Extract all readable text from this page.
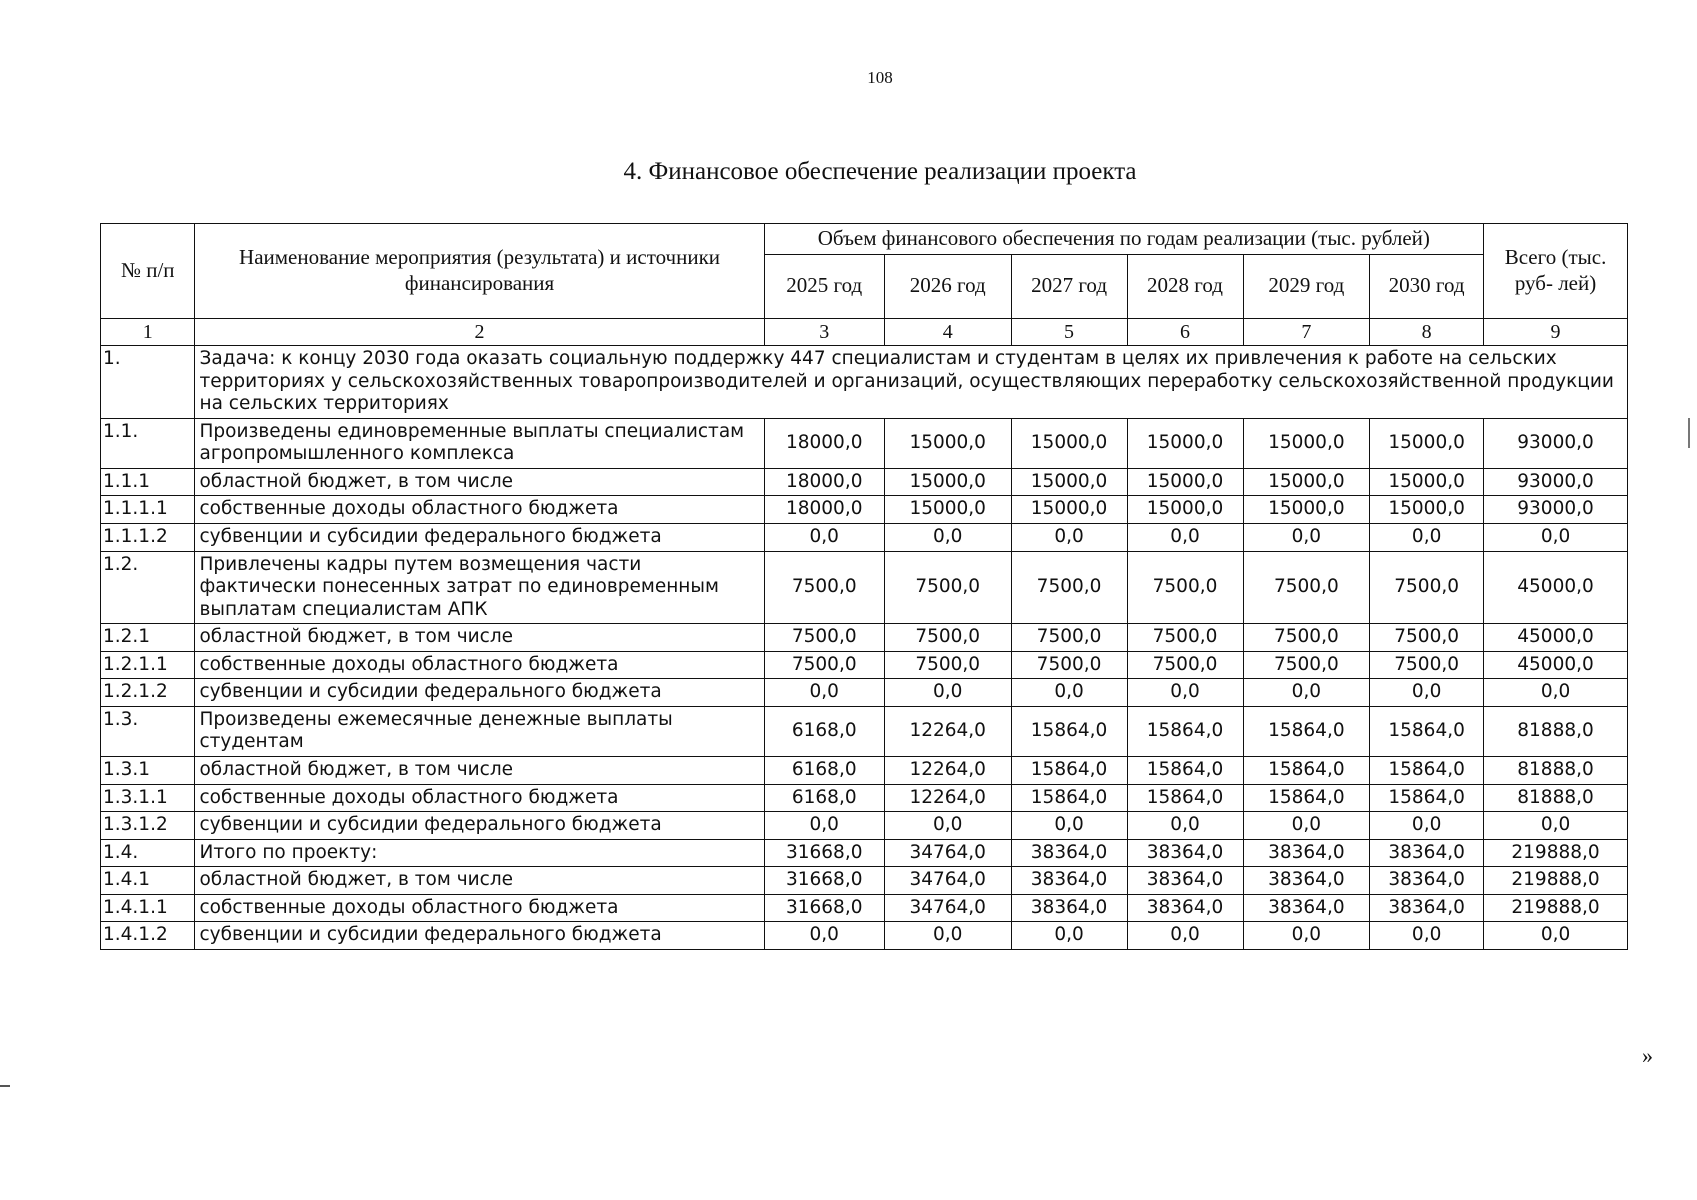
108
4. Финансовое обеспечение реализации проекта
№ п/п	Наименование мероприятия (результата) и источники финансирования	Объем финансового обеспечения по годам реализации (тыс. рублей)						Всего (тыс. руб- лей)
		2025 год	2026 год	2027 год	2028 год	2029 год	2030 год	
1	2	3	4	5	6	7	8	9
1.	Задача: к концу 2030 года оказать социальную поддержку 447 специалистам и студентам в целях их привлечения к работе на сельских территориях у сельскохозяйственных товаропроизводителей и организаций, осуществляющих переработку сельскохозяйственной продукции на сельских территориях							
1.1.	Произведены единовременные выплаты специалистам агропромышленного комплекса	18000,0	15000,0	15000,0	15000,0	15000,0	15000,0	93000,0
1.1.1	областной бюджет, в том числе	18000,0	15000,0	15000,0	15000,0	15000,0	15000,0	93000,0
1.1.1.1	собственные доходы областного бюджета	18000,0	15000,0	15000,0	15000,0	15000,0	15000,0	93000,0
1.1.1.2	субвенции и субсидии федерального бюджета	0,0	0,0	0,0	0,0	0,0	0,0	0,0
1.2.	Привлечены кадры путем возмещения части фактически понесенных затрат по единовременным выплатам специалистам АПК	7500,0	7500,0	7500,0	7500,0	7500,0	7500,0	45000,0
1.2.1	областной бюджет, в том числе	7500,0	7500,0	7500,0	7500,0	7500,0	7500,0	45000,0
1.2.1.1	собственные доходы областного бюджета	7500,0	7500,0	7500,0	7500,0	7500,0	7500,0	45000,0
1.2.1.2	субвенции и субсидии федерального бюджета	0,0	0,0	0,0	0,0	0,0	0,0	0,0
1.3.	Произведены ежемесячные денежные выплаты студентам	6168,0	12264,0	15864,0	15864,0	15864,0	15864,0	81888,0
1.3.1	областной бюджет, в том числе	6168,0	12264,0	15864,0	15864,0	15864,0	15864,0	81888,0
1.3.1.1	собственные доходы областного бюджета	6168,0	12264,0	15864,0	15864,0	15864,0	15864,0	81888,0
1.3.1.2	субвенции и субсидии федерального бюджета	0,0	0,0	0,0	0,0	0,0	0,0	0,0
1.4.	Итого по проекту:	31668,0	34764,0	38364,0	38364,0	38364,0	38364,0	219888,0
1.4.1	областной бюджет, в том числе	31668,0	34764,0	38364,0	38364,0	38364,0	38364,0	219888,0
1.4.1.1	собственные доходы областного бюджета	31668,0	34764,0	38364,0	38364,0	38364,0	38364,0	219888,0
1.4.1.2	субвенции и субсидии федерального бюджета	0,0	0,0	0,0	0,0	0,0	0,0	0,0
»
